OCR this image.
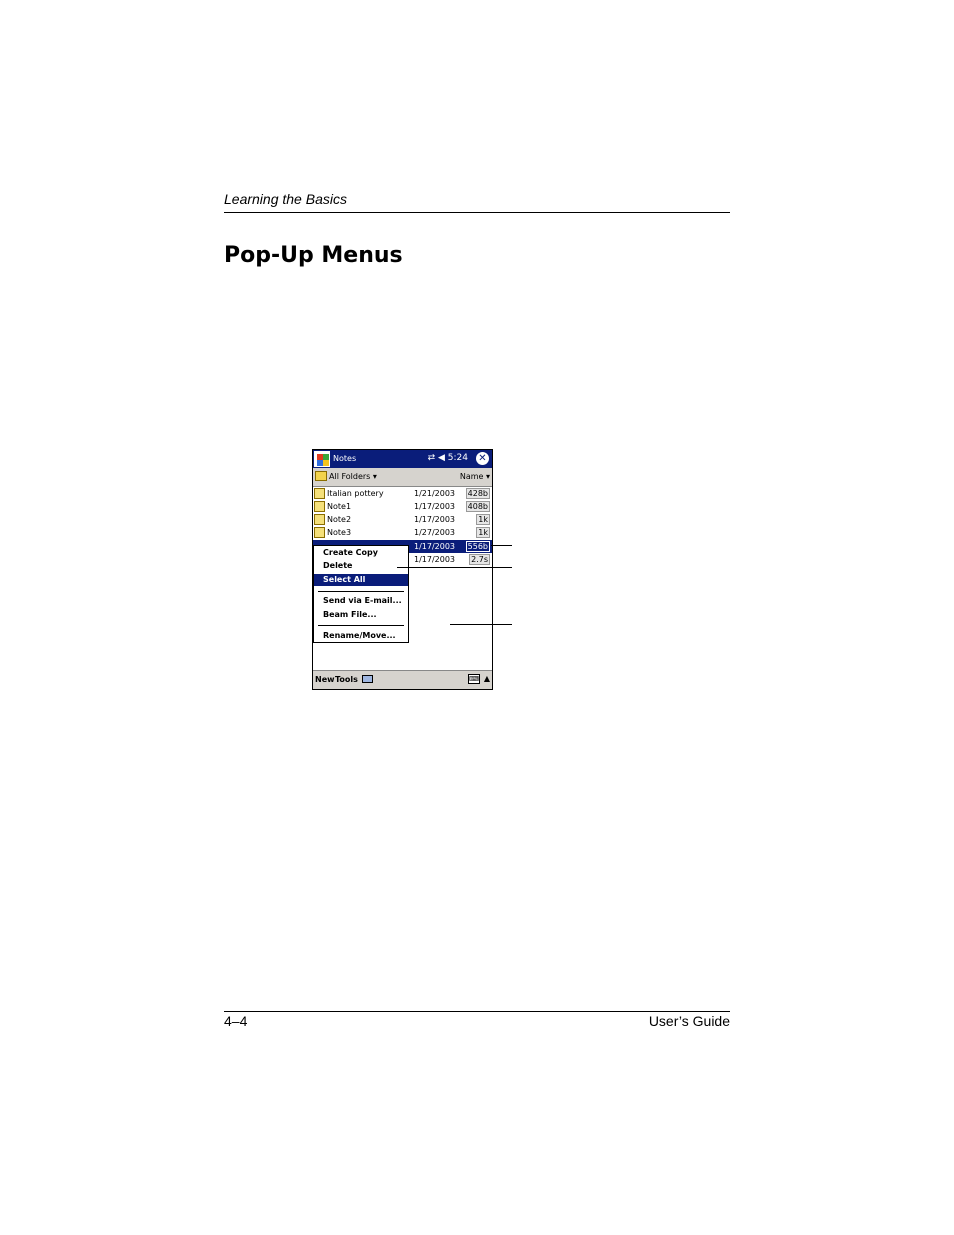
Learning the Basics
Pop-Up Menus
Notes	⇄ ◀ 5:24 ✕
All Folders ▾	Name ▾
Italian pottery	1/21/2003 428b
Note1	1/17/2003 408b
Note2	1/17/2003	1k
Note3	1/27/2003	1k
1/17/2003 556b
1/17/2003 2.7s
Create Copy
Delete
Select All
Send via E-mail...
Beam File...
Rename/Move...
New Tools	⌨ ▲
4–4	User’s Guide
